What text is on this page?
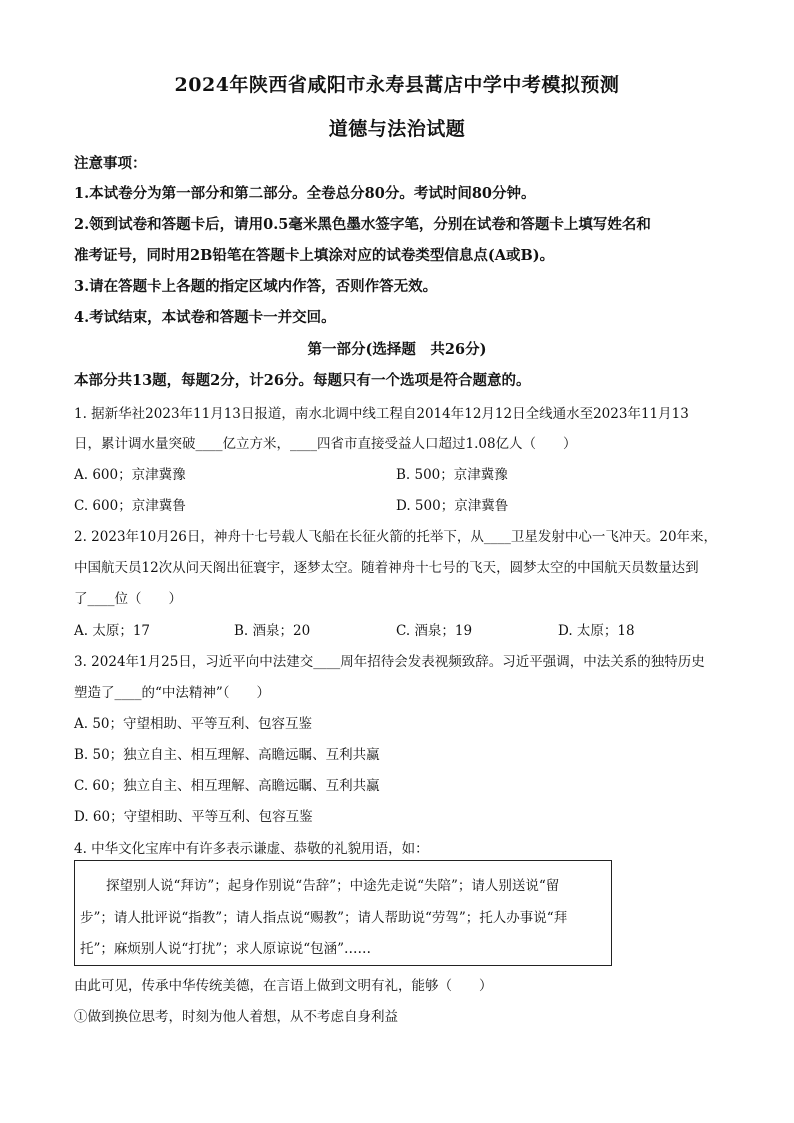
2024年陕西省咸阳市永寿县蒿店中学中考模拟预测
道德与法治试题
注意事项：
1.本试卷分为第一部分和第二部分。全卷总分80分。考试时间80分钟。
2.领到试卷和答题卡后，请用0.5毫米黑色墨水签字笔，分别在试卷和答题卡上填写姓名和
准考证号，同时用2B铅笔在答题卡上填涂对应的试卷类型信息点(A或B)。
3.请在答题卡上各题的指定区域内作答，否则作答无效。
4.考试结束，本试卷和答题卡一并交回。
第一部分(选择题　共26分)
本部分共13题，每题2分，计26分。每题只有一个选项是符合题意的。
1. 据新华社2023年11月13日报道，南水北调中线工程自2014年12月12日全线通水至2023年11月13
日，累计调水量突破____亿立方米，____四省市直接受益人口超过1.08亿人（　　）
A. 600；京津冀豫	B. 500；京津冀豫
C. 600；京津冀鲁	D. 500；京津冀鲁
2. 2023年10月26日，神舟十七号载人飞船在长征火箭的托举下，从____卫星发射中心一飞冲天。20年来，
中国航天员12次从问天阁出征寰宇，逐梦太空。随着神舟十七号的飞天，圆梦太空的中国航天员数量达到
了____位（　　）
A. 太原；17	B. 酒泉；20	C. 酒泉；19	D. 太原；18
3. 2024年1月25日，习近平向中法建交____周年招待会发表视频致辞。习近平强调，中法关系的独特历史
塑造了____的“中法精神”（　　）
A. 50；守望相助、平等互利、包容互鉴
B. 50；独立自主、相互理解、高瞻远瞩、互利共赢
C. 60；独立自主、相互理解、高瞻远瞩、互利共赢
D. 60；守望相助、平等互利、包容互鉴
4. 中华文化宝库中有许多表示谦虚、恭敬的礼貌用语，如：
探望别人说“拜访”；起身作别说“告辞”；中途先走说“失陪”；请人别送说“留
步”；请人批评说“指教”；请人指点说“赐教”；请人帮助说“劳驾”；托人办事说“拜
托”；麻烦别人说“打扰”；求人原谅说“包涵”……
由此可见，传承中华传统美德，在言语上做到文明有礼，能够（　　）
①做到换位思考，时刻为他人着想，从不考虑自身利益
